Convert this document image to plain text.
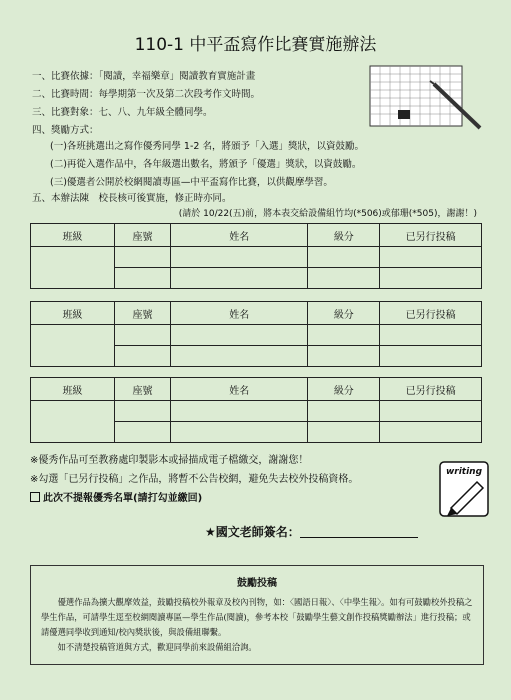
110-1 中平盃寫作比賽實施辦法
一、比賽依據：「閱讀，幸福樂章」閱讀教育實施計畫
二、比賽時間：每學期第一次及第二次段考作文時間。
三、比賽對象：七、八、九年級全體同學。
四、獎勵方式：
(一)各班挑選出之寫作優秀同學 1-2 名，將頒予「入選」獎狀，以資鼓勵。
(二)再從入選作品中，各年級選出數名，將頒予「優選」獎狀，以資鼓勵。
(三)優選者公開於校網閱讀專區—中平盃寫作比賽，以供觀摩學習。
五、本辦法陳　校長核可後實施，修正時亦同。
(請於 10/22(五)前，將本表交給設備組竹均(*506)或郁珊(*505)，謝謝！)
班級	座號	姓名	級分	已另行投稿

班級	座號	姓名	級分	已另行投稿

班級	座號	姓名	級分	已另行投稿

※優秀作品可至教務處印製影本或掃描成電子檔繳交，謝謝您！
※勾選「已另行投稿」之作品，將暫不公告校網，避免失去校外投稿資格。
此次不提報優秀名單(請打勾並繳回)
writing
★國文老師簽名：
鼓勵投稿
　　優選作品為擴大觀摩效益，鼓勵投稿校外報章及校內刊物，如：〈國語日報〉、〈中學生報〉。如有可鼓勵校外投稿之學生作品，可請學生逕至校網閱讀專區—學生作品(閱讀)，參考本校「鼓勵學生藝文創作投稿獎勵辦法」進行投稿；或請優選同學收到通知/校內獎狀後，與設備組聯繫。
　　如不清楚投稿管道與方式，歡迎同學前來設備組洽詢。
